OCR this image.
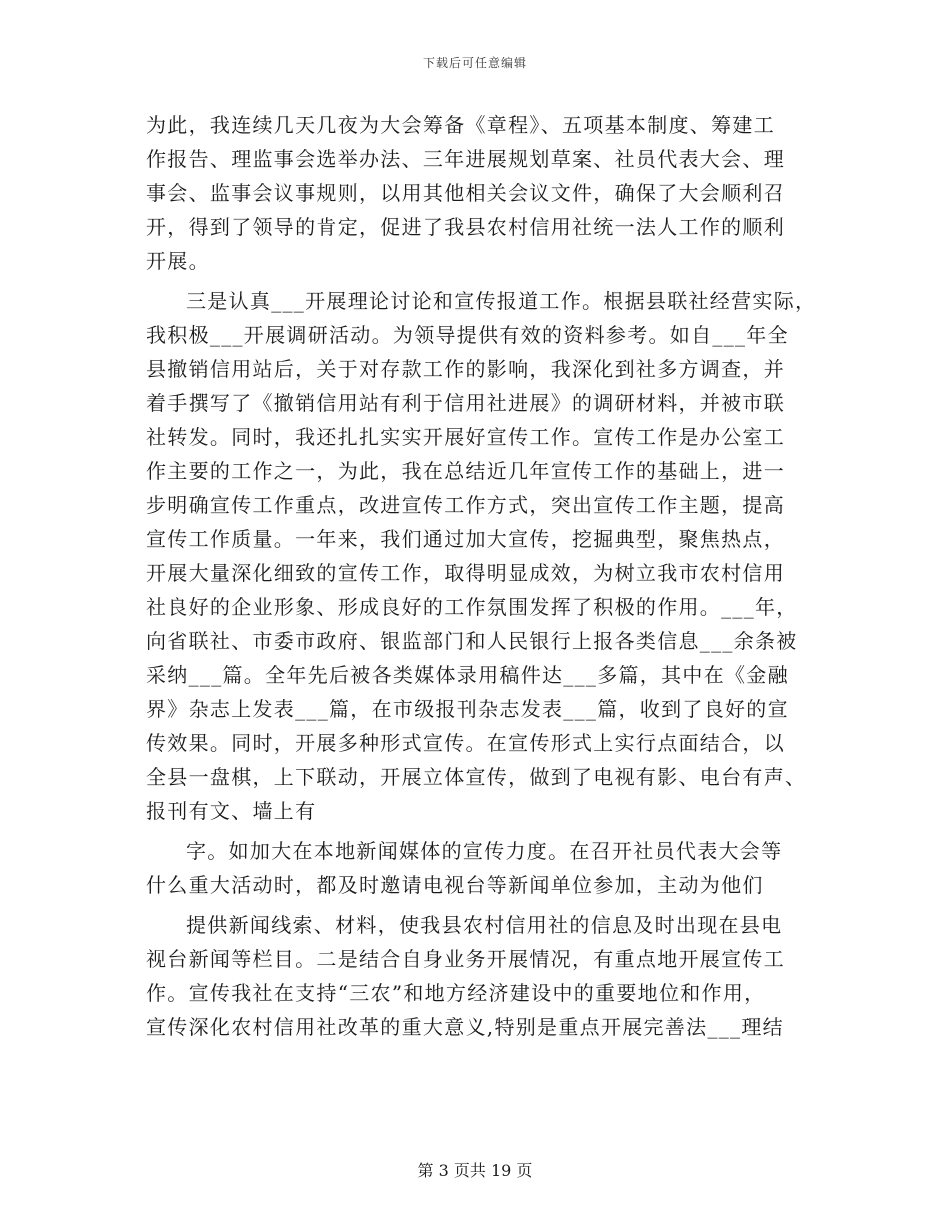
下载后可任意编辑
为此，我连续几天几夜为大会筹备《章程》、五项基本制度、筹建工
作报告、理监事会选举办法、三年进展规划草案、社员代表大会、理
事会、监事会议事规则，以用其他相关会议文件，确保了大会顺利召
开，得到了领导的肯定，促进了我县农村信用社统一法人工作的顺利
开展。
三是认真___开展理论讨论和宣传报道工作。根据县联社经营实际，
我积极___开展调研活动。为领导提供有效的资料参考。如自___年全
县撤销信用站后，关于对存款工作的影响，我深化到社多方调查，并
着手撰写了《撤销信用站有利于信用社进展》的调研材料，并被市联
社转发。同时，我还扎扎实实开展好宣传工作。宣传工作是办公室工
作主要的工作之一，为此，我在总结近几年宣传工作的基础上，进一
步明确宣传工作重点，改进宣传工作方式，突出宣传工作主题，提高
宣传工作质量。一年来，我们通过加大宣传，挖掘典型，聚焦热点，
开展大量深化细致的宣传工作，取得明显成效，为树立我市农村信用
社良好的企业形象、形成良好的工作氛围发挥了积极的作用。___年，
向省联社、市委市政府、银监部门和人民银行上报各类信息___余条被
采纳___篇。全年先后被各类媒体录用稿件达___多篇，其中在《金融
界》杂志上发表___篇，在市级报刊杂志发表___篇，收到了良好的宣
传效果。同时，开展多种形式宣传。在宣传形式上实行点面结合，以
全县一盘棋，上下联动，开展立体宣传，做到了电视有影、电台有声、
报刊有文、墙上有
字。如加大在本地新闻媒体的宣传力度。在召开社员代表大会等
什么重大活动时，都及时邀请电视台等新闻单位参加，主动为他们
提供新闻线索、材料，使我县农村信用社的信息及时出现在县电
视台新闻等栏目。二是结合自身业务开展情况，有重点地开展宣传工
作。宣传我社在支持“三农”和地方经济建设中的重要地位和作用，
宣传深化农村信用社改革的重大意义,特别是重点开展完善法___理结
第 3 页共 19 页
